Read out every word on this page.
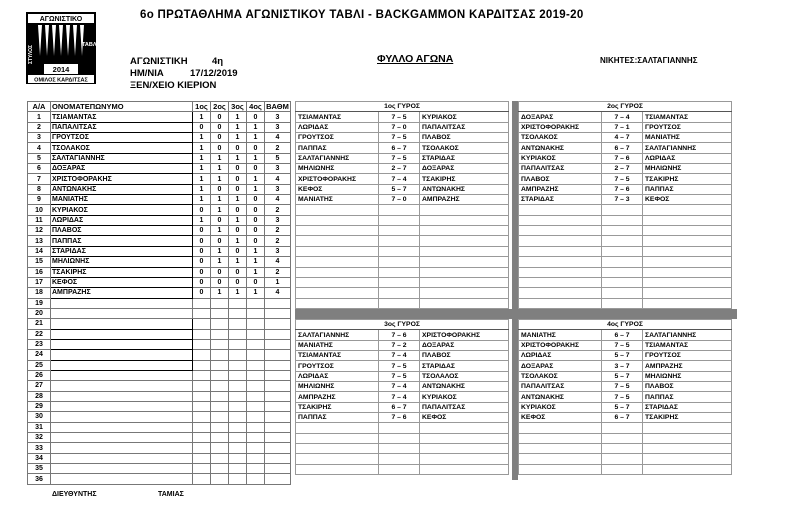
ΑΓΩΝΙΣΤΙΚΟ
ΣΤΥΛΟΣ	ΤΑΒΛΙ
2014
ΟΜΙΛΟΣ ΚΑΡΔΙΤΣΑΣ
6ο ΠΡΩΤΑΘΛΗΜΑ ΑΓΩΝΙΣΤΙΚΟΥ ΤΑΒΛΙ - BACKGAMMON ΚΑΡΔΙΤΣΑΣ 2019-20
ΑΓΩΝΙΣΤΙΚΗ	4η
ΗΜ/ΝΙΑ	17/12/2019
ΞΕΝ/ΧΕΙΟ ΚΙΕΡΙΟΝ
ΦΥΛΛΟ ΑΓΩΝΑ	ΝΙΚΗΤΕΣ:ΣΑΛΤΑΓΙΑΝΝΗΣ
Α/Α	ΟΝΟΜΑΤΕΠΩΝΥΜΟ	1ος	2ος	3ος	4ος	ΒΑΘΜ
1	ΤΣΙΑΜΑΝΤΑΣ	1	0	1	0	3
2	ΠΑΠΑΛΙΤΣΑΣ	0	0	1	1	3
3	ΓΡΟΥΤΣΟΣ	1	0	1	1	4
4	ΤΣΟΛΑΚΟΣ	1	0	0	0	2
5	ΣΑΛΤΑΓΙΑΝΝΗΣ	1	1	1	1	5
6	ΔΟΞΑΡΑΣ	1	1	0	0	3
7	ΧΡΙΣΤΟΦΟΡΑΚΗΣ	1	1	0	1	4
8	ΑΝΤΩΝΑΚΗΣ	1	0	0	1	3
9	ΜΑΝΙΑΤΗΣ	1	1	1	0	4
10	ΚΥΡΙΑΚΟΣ	0	1	0	0	2
11	ΛΩΡΙΔΑΣ	1	0	1	0	3
12	ΠΛΑΒΟΣ	0	1	0	0	2
13	ΠΑΠΠΑΣ	0	0	1	0	2
14	ΣΤΑΡΙΔΑΣ	0	1	0	1	3
15	ΜΗΛΙΩΝΗΣ	0	1	1	1	4
16	ΤΣΑΚΙΡΗΣ	0	0	0	1	2
17	ΚΕΦΟΣ	0	0	0	0	1
18	ΑΜΠΡΑΖΗΣ	0	1	1	1	4
19						
20						
21						
22						
23						
24						
25						
26						
27						
28						
29						
30						
31						
32						
33						
34						
35						
36						
1ος ΓΥΡΟΣ		
ΤΣΙΑΜΑΝΤΑΣ	7 – 5	ΚΥΡΙΑΚΟΣ
ΛΩΡΙΔΑΣ	7 – 0	ΠΑΠΑΛΙΤΣΑΣ
ΓΡΟΥΤΣΟΣ	7 – 5	ΠΛΑΒΟΣ
ΠΑΠΠΑΣ	6 – 7	ΤΣΟΛΑΚΟΣ
ΣΑΛΤΑΓΙΑΝΝΗΣ	7 – 5	ΣΤΑΡΙΔΑΣ
ΜΗΛΙΩΝΗΣ	2 – 7	ΔΟΞΑΡΑΣ
ΧΡΙΣΤΟΦΟΡΑΚΗΣ	7 – 4	ΤΣΑΚΙΡΗΣ
ΚΕΦΟΣ	5 – 7	ΑΝΤΩΝΑΚΗΣ
ΜΑΝΙΑΤΗΣ	7 – 0	ΑΜΠΡΑΖΗΣ

2ος ΓΥΡΟΣ		
ΔΟΞΑΡΑΣ	7 – 4	ΤΣΙΑΜΑΝΤΑΣ
ΧΡΙΣΤΟΦΟΡΑΚΗΣ	7 – 1	ΓΡΟΥΤΣΟΣ
ΤΣΟΛΑΚΟΣ	4 – 7	ΜΑΝΙΑΤΗΣ
ΑΝΤΩΝΑΚΗΣ	6 – 7	ΣΑΛΤΑΓΙΑΝΝΗΣ
ΚΥΡΙΑΚΟΣ	7 – 6	ΛΩΡΙΔΑΣ
ΠΑΠΑΛΙΤΣΑΣ	2 – 7	ΜΗΛΙΩΝΗΣ
ΠΛΑΒΟΣ	7 – 5	ΤΣΑΚΙΡΗΣ
ΑΜΠΡΑΖΗΣ	7 – 6	ΠΑΠΠΑΣ
ΣΤΑΡΙΔΑΣ	7 – 3	ΚΕΦΟΣ

3ος ΓΥΡΟΣ		
ΣΑΛΤΑΓΙΑΝΝΗΣ	7 – 6	ΧΡΙΣΤΟΦΟΡΑΚΗΣ
ΜΑΝΙΑΤΗΣ	7 – 2	ΔΟΞΑΡΑΣ
ΤΣΙΑΜΑΝΤΑΣ	7 – 4	ΠΛΑΒΟΣ
ΓΡΟΥΤΣΟΣ	7 – 5	ΣΤΑΡΙΔΑΣ
ΛΩΡΙΔΑΣ	7 – 5	ΤΣΟΛΑΛΟΣ
ΜΗΛΙΩΝΗΣ	7 – 4	ΑΝΤΩΝΑΚΗΣ
ΑΜΠΡΑΖΗΣ	7 – 4	ΚΥΡΙΑΚΟΣ
ΤΣΑΚΙΡΗΣ	6 – 7	ΠΑΠΑΛΙΤΣΑΣ
ΠΑΠΠΑΣ	7 – 6	ΚΕΦΟΣ

4ος ΓΥΡΟΣ		
ΜΑΝΙΑΤΗΣ	6 – 7	ΣΑΛΤΑΓΙΑΝΝΗΣ
ΧΡΙΣΤΟΦΟΡΑΚΗΣ	7 – 5	ΤΣΙΑΜΑΝΤΑΣ
ΛΩΡΙΔΑΣ	5 – 7	ΓΡΟΥΤΣΟΣ
ΔΟΞΑΡΑΣ	3 – 7	ΑΜΠΡΑΖΗΣ
ΤΣΟΛΑΚΟΣ	5 – 7	ΜΗΛΙΩΝΗΣ
ΠΑΠΑΛΙΤΣΑΣ	7 – 5	ΠΛΑΒΟΣ
ΑΝΤΩΝΑΚΗΣ	7 – 5	ΠΑΠΠΑΣ
ΚΥΡΙΑΚΟΣ	5 – 7	ΣΤΑΡΙΔΑΣ
ΚΕΦΟΣ	6 – 7	ΤΣΑΚΙΡΗΣ

ΔΙΕΥΘΥΝΤΗΣ	ΤΑΜΙΑΣ
